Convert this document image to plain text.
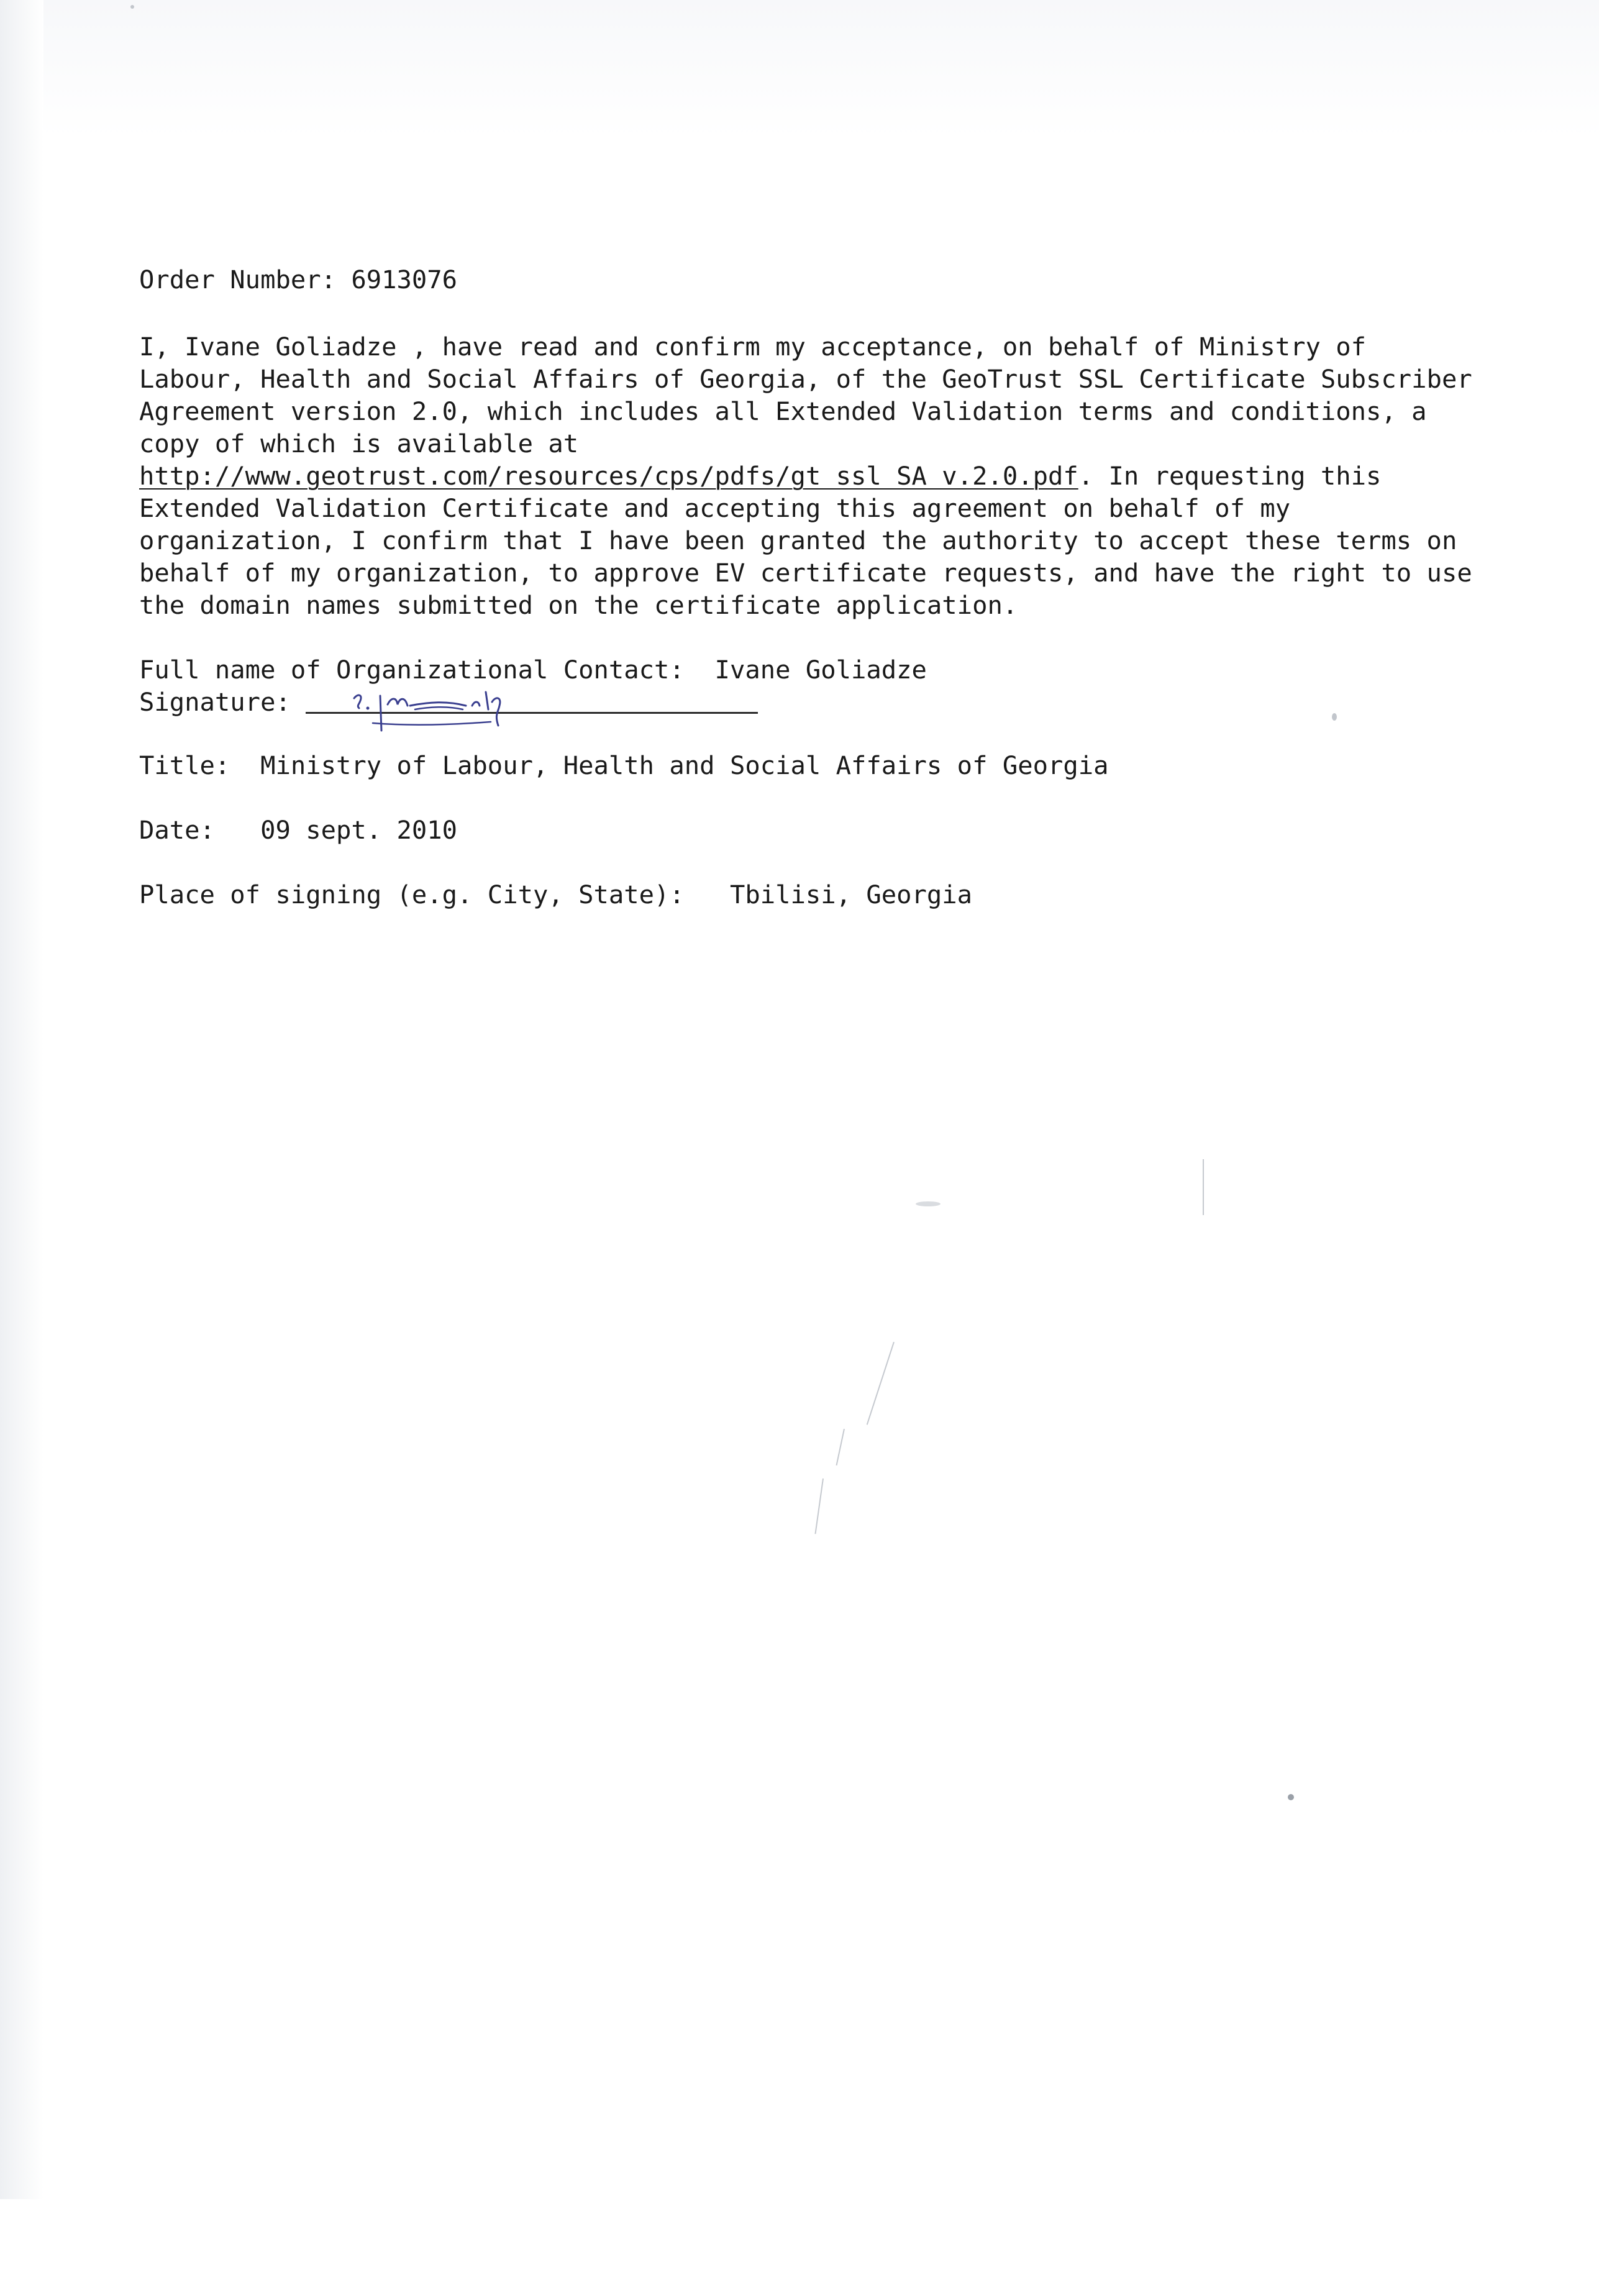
Order Number: 6913076
I, Ivane Goliadze , have read and confirm my acceptance, on behalf of Ministry of
Labour, Health and Social Affairs of Georgia, of the GeoTrust SSL Certificate Subscriber
Agreement version 2.0, which includes all Extended Validation terms and conditions, a
copy of which is available at
http://www.geotrust.com/resources/cps/pdfs/gt ssl SA v.2.0.pdf. In requesting this
Extended Validation Certificate and accepting this agreement on behalf of my
organization, I confirm that I have been granted the authority to accept these terms on
behalf of my organization, to approve EV certificate requests, and have the right to use
the domain names submitted on the certificate application.
Full name of Organizational Contact:  Ivane Goliadze
Signature:
Title:  Ministry of Labour, Health and Social Affairs of Georgia
Date:   09 sept. 2010
Place of signing (e.g. City, State):   Tbilisi, Georgia
